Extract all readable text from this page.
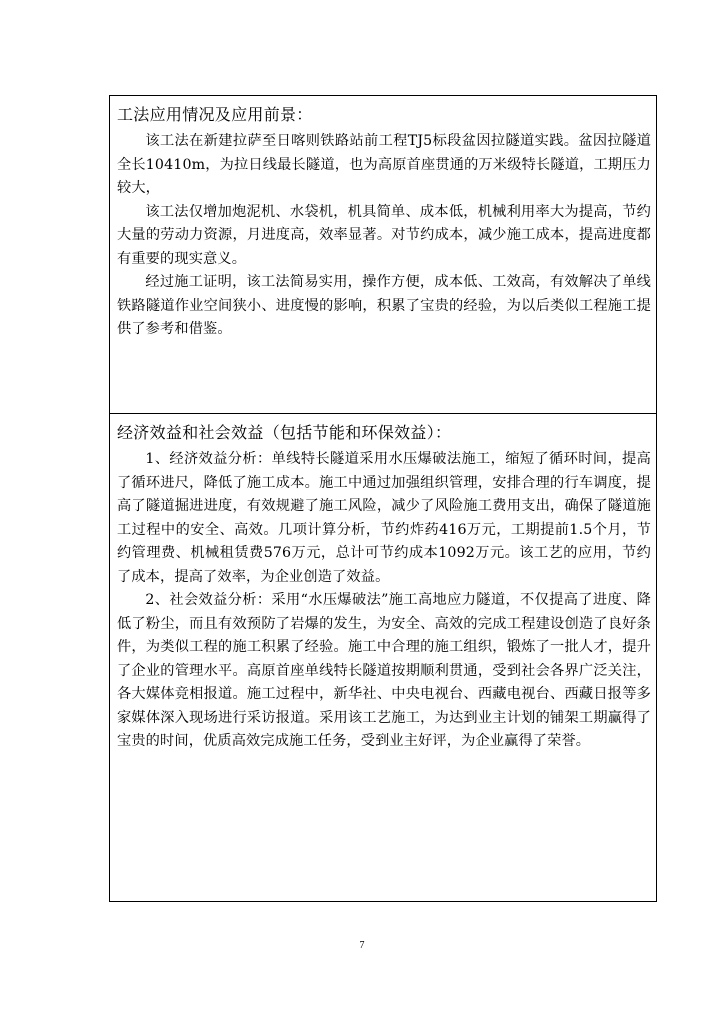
工法应用情况及应用前景：

该工法在新建拉萨至日喀则铁路站前工程TJ5标段盆因拉隧道实践。盆因拉隧道全长10410m，为拉日线最长隧道，也为高原首座贯通的万米级特长隧道，工期压力较大，

该工法仅增加炮泥机、水袋机，机具简单、成本低，机械利用率大为提高，节约大量的劳动力资源，月进度高，效率显著。对节约成本，减少施工成本，提高进度都有重要的现实意义。

经过施工证明，该工法简易实用，操作方便，成本低、工效高，有效解决了单线铁路隧道作业空间狭小、进度慢的影响，积累了宝贵的经验，为以后类似工程施工提供了参考和借鉴。

经济效益和社会效益（包括节能和环保效益）：

1、经济效益分析：单线特长隧道采用水压爆破法施工，缩短了循环时间，提高了循环进尺，降低了施工成本。施工中通过加强组织管理，安排合理的行车调度，提高了隧道掘进进度，有效规避了施工风险，减少了风险施工费用支出，确保了隧道施工过程中的安全、高效。几项计算分析，节约炸药416万元，工期提前1.5个月，节约管理费、机械租赁费576万元，总计可节约成本1092万元。该工艺的应用，节约了成本，提高了效率，为企业创造了效益。

2、社会效益分析：采用“水压爆破法”施工高地应力隧道，不仅提高了进度、降低了粉尘，而且有效预防了岩爆的发生，为安全、高效的完成工程建设创造了良好条件，为类似工程的施工积累了经验。施工中合理的施工组织，锻炼了一批人才，提升了企业的管理水平。高原首座单线特长隧道按期顺利贯通，受到社会各界广泛关注，各大媒体竞相报道。施工过程中，新华社、中央电视台、西藏电视台、西藏日报等多家媒体深入现场进行采访报道。采用该工艺施工，为达到业主计划的铺架工期赢得了宝贵的时间，优质高效完成施工任务，受到业主好评，为企业赢得了荣誉。

7
